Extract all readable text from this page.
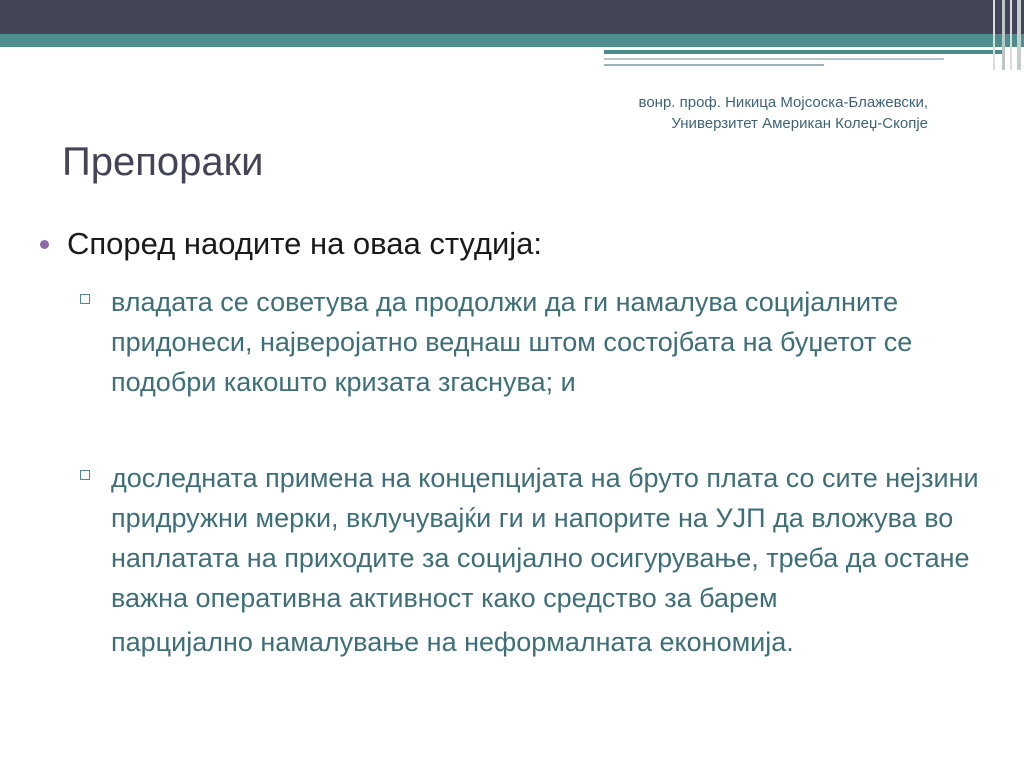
вонр. проф. Никица Мојсоска-Блажевски,
Универзитет Американ Колеџ-Скопје
Препораки
Според наодите на оваа студија:
владата се советува да продолжи да ги намалува социјалните придонеси, најверојатно веднаш штом состојбата на буџетот се подобри какошто кризата згаснува; и
доследната примена на концепцијата на бруто плата со сите нејзини придружни мерки, вклучувајќи ги и напорите на УЈП да вложува во наплатата на приходите за социјално осигурување, треба да остане важна оперативна активност како средство за барем
парцијално намалување на неформалната економија.
